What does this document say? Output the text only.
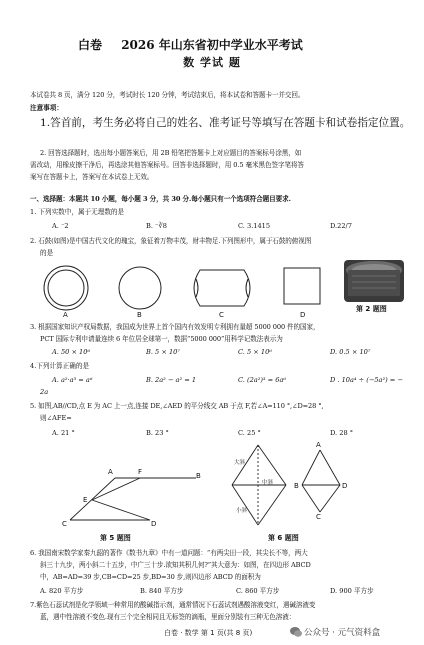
白卷	2026 年山东省初中学业水平考试
数 学试 题
本试卷共 8 页，满分 120 分，考试时长 120 分钟，考试结束后，将本试卷和答题卡一并交回。
注意事项：
1.答首前，考生务必将自己的姓名、准考证号等填写在答题卡和试卷指定位置。
2. 回答选择题时，选出每小题答案后，用 2B 铅笔把答题卡上对应题目的答案标号涂黑，如
需改动，用橡皮擦干净后，再选涂其他答案标号。回答非选择题时，用 0.5 毫米黑色签字笔将答
案写在答题卡上，答案写在本试卷上无效。
一、选择题：本题共 10 小题，每小题 3 分，共 30 分.每小题只有一个选项符合题目要求.
1. 下列实数中，属于无理数的是
A. ⁻2	B. ⁻∛8	C. 3.1415	D.22/7
2. 石鼓(如图)是中国古代文化的瑰宝，象征着万物丰茂，财丰物足.下列图形中，属于石鼓的俯视图
的是
A	B	C	D
第 2 题图
3. 根据国家知识产权局数据，我国成为世界上首个国内有效发明专利拥有量超 5000 000 件的国家，
PCT 国际专利申请量连续 6 年位居全球第一，数据“5000 000”用科学记数法表示为
A. 50 × 10⁶	B. 5 × 10⁷	C. 5 × 10⁶	D. 0.5 × 10⁷
4.下列计算正确的是
A. a²·a³ = a⁶	B. 2a² − a² = 1	C. (2a²)³ = 6a⁶	D . 10a⁴ ÷ (−5a²) = −
2a
5. 如图,AB//CD,点 E 为 AC 上一点,连接 DE,∠AED 的平分线交 AB 于点 F,若∠A=110 °,∠D=28 °,
则∠AFE=
A. 21 °	B. 23 °	C. 25 °	D. 28 °
A	F	B
E
C	D
第 5 题图
A
B
C
D
大斜
小斜
中斜
第 6 题图
6. 我国南宋数学家秦九韶的著作《数书九章》中有一道问题：“有两尖田一段，其尖长不等，两大
斜三十九步，两小斜二十五步，中广三十步.欲知其积几何?”其大意为：如图，在四边形 ABCD
中，AB=AD=39 步,CB=CD=25 步,BD=30 步,则四边形 ABCD 的面积为
A. 820 平方步	B. 840 平方步	C. 860 平方步	D. 900 平方步
7.紫色石蕊试剂是化学领域一种常用的酸碱指示剂，通常情况下石蕊试剂遇酸溶液变红，遇碱溶液变
蓝，遇中性溶液不变色.现有三个完全相同且无标签的滴瓶，里面分别装有三种无色溶液：
白卷 · 数学 第 1 页(共 8 页)	公众号 · 元气资料盒
